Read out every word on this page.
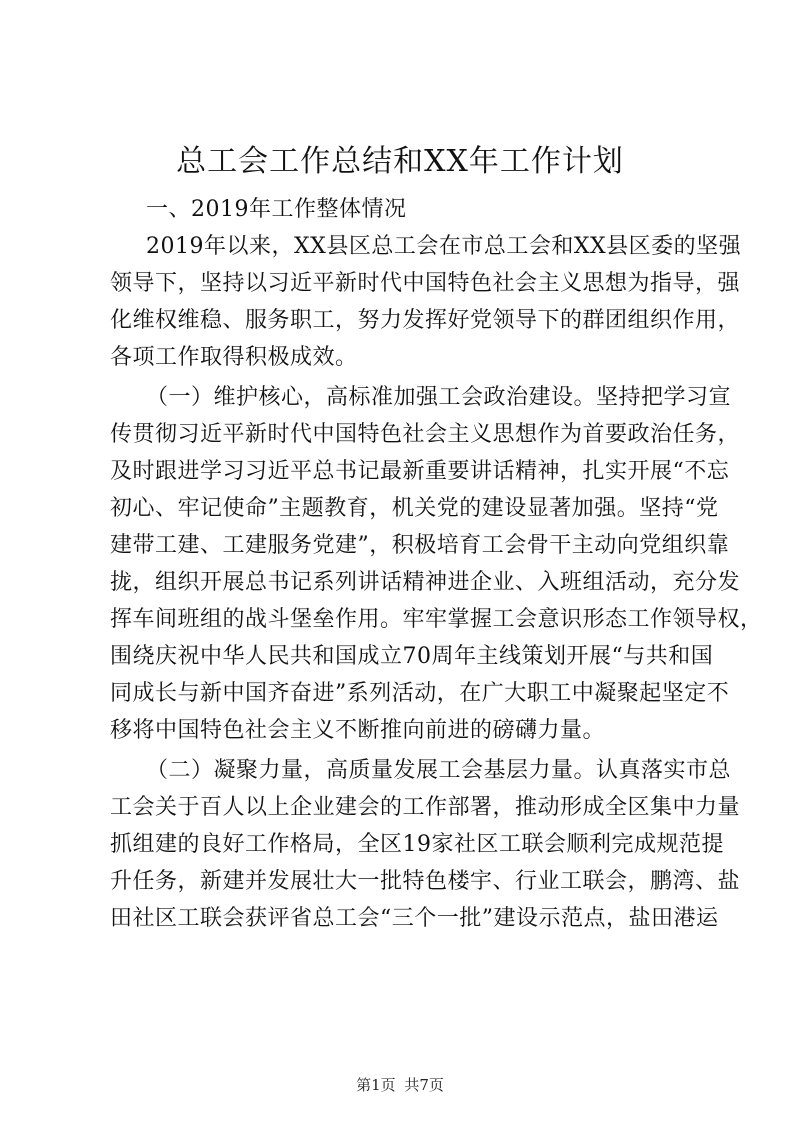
总工会工作总结和XX年工作计划
一、2019年工作整体情况
2019年以来，XX县区总工会在市总工会和XX县区委的坚强
领导下，坚持以习近平新时代中国特色社会主义思想为指导，强
化维权维稳、服务职工，努力发挥好党领导下的群团组织作用，
各项工作取得积极成效。
（一）维护核心，高标准加强工会政治建设。坚持把学习宣
传贯彻习近平新时代中国特色社会主义思想作为首要政治任务，
及时跟进学习习近平总书记最新重要讲话精神，扎实开展“不忘
初心、牢记使命”主题教育，机关党的建设显著加强。坚持“党
建带工建、工建服务党建”，积极培育工会骨干主动向党组织靠
拢，组织开展总书记系列讲话精神进企业、入班组活动，充分发
挥车间班组的战斗堡垒作用。牢牢掌握工会意识形态工作领导权，
围绕庆祝中华人民共和国成立70周年主线策划开展“与共和国
同成长与新中国齐奋进”系列活动，在广大职工中凝聚起坚定不
移将中国特色社会主义不断推向前进的磅礴力量。
（二）凝聚力量，高质量发展工会基层力量。认真落实市总
工会关于百人以上企业建会的工作部署，推动形成全区集中力量
抓组建的良好工作格局，全区19家社区工联会顺利完成规范提
升任务，新建并发展壮大一批特色楼宇、行业工联会，鹏湾、盐
田社区工联会获评省总工会“三个一批”建设示范点，盐田港运
第1页 共7页
